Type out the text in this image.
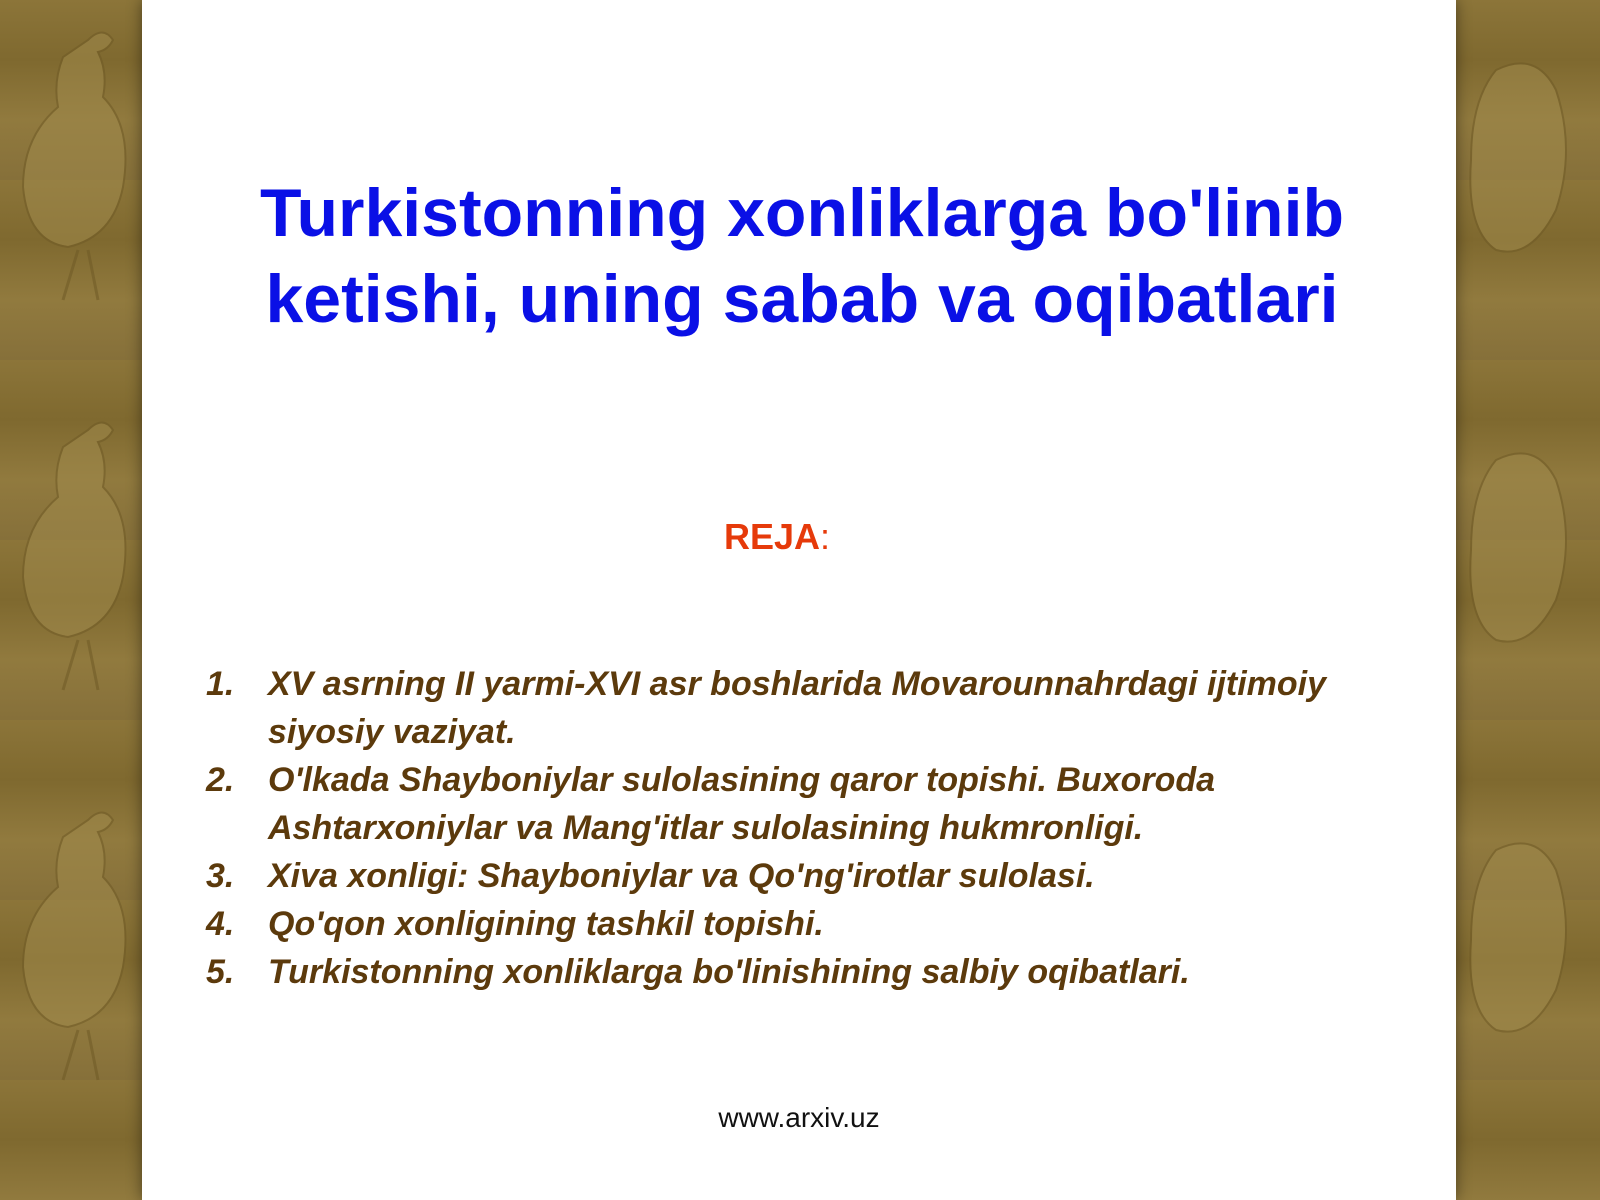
Turkistonning xonliklarga bo'linib ketishi, uning sabab va oqibatlari
REJA:
1. XV asrning II yarmi-XVI asr boshlarida Movarounnahrdagi ijtimoiy siyosiy vaziyat.
2. O'lkada Shayboniylar sulolasining qaror topishi. Buxoroda Ashtarxoniylar va Mang'itlar sulolasining hukmronligi.
3. Xiva xonligi: Shayboniylar va Qo'ng'irotlar sulolasi.
4. Qo'qon xonligining tashkil topishi.
5. Turkistonning xonliklarga bo'linishining salbiy oqibatlari.
www.arxiv.uz
